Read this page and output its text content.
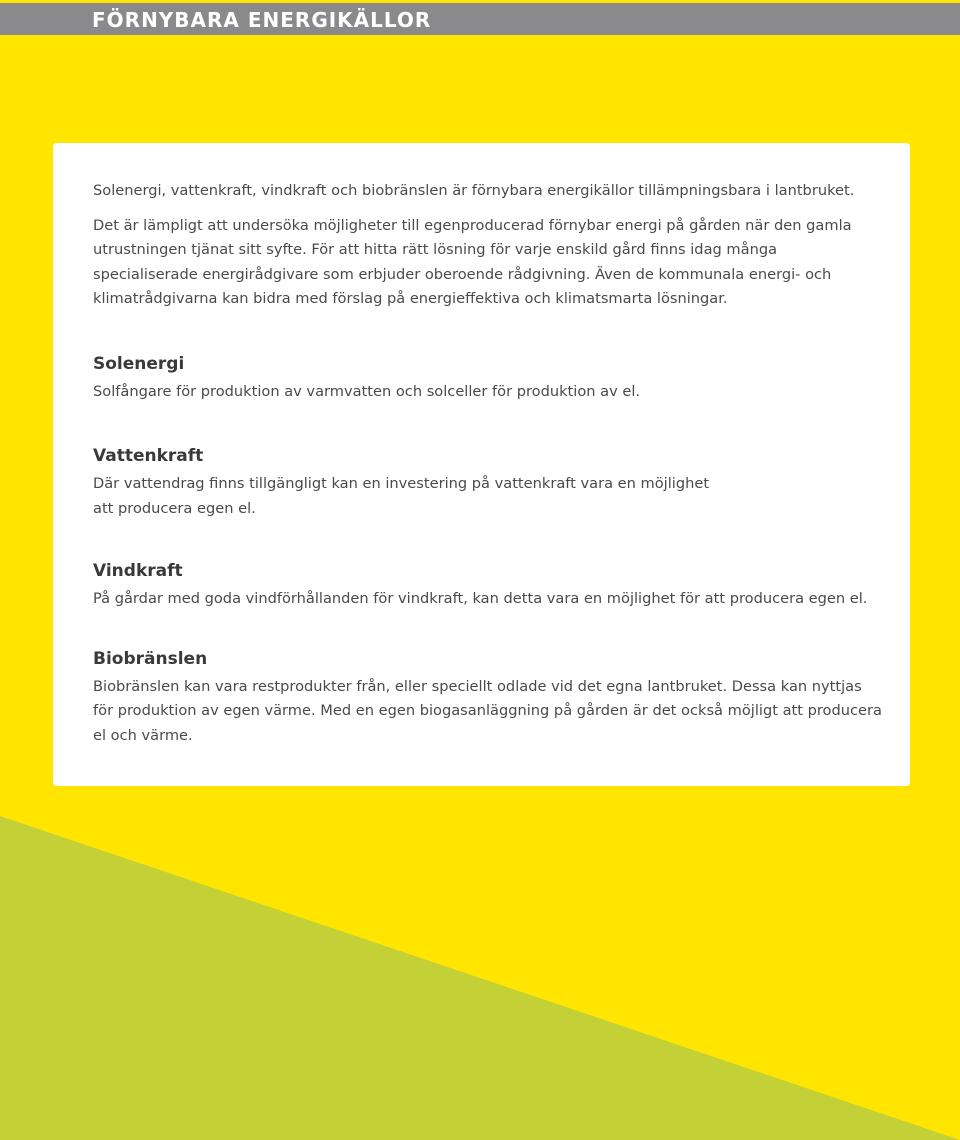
FÖRNYBARA ENERGIKÄLLOR

Solenergi, vattenkraft, vindkraft och biobränslen är förnybara energikällor tillämpningsbara i lantbruket.

Det är lämpligt att undersöka möjligheter till egenproducerad förnybar energi på gården när den gamla utrustningen tjänat sitt syfte. För att hitta rätt lösning för varje enskild gård finns idag många specialiserade energirådgivare som erbjuder oberoende rådgivning. Även de kommunala energi- och klimatrådgivarna kan bidra med förslag på energieffektiva och klimatsmarta lösningar.

Solenergi

Solfångare för produktion av varmvatten och solceller för produktion av el.

Vattenkraft

Där vattendrag finns tillgängligt kan en investering på vattenkraft vara en möjlighet att producera egen el.

Vindkraft

På gårdar med goda vindförhållanden för vindkraft, kan detta vara en möjlighet för att producera egen el.

Biobränslen

Biobränslen kan vara restprodukter från, eller speciellt odlade vid det egna lantbruket. Dessa kan nyttjas för produktion av egen värme. Med en egen biogasanläggning på gården är det också möjligt att producera el och värme.
